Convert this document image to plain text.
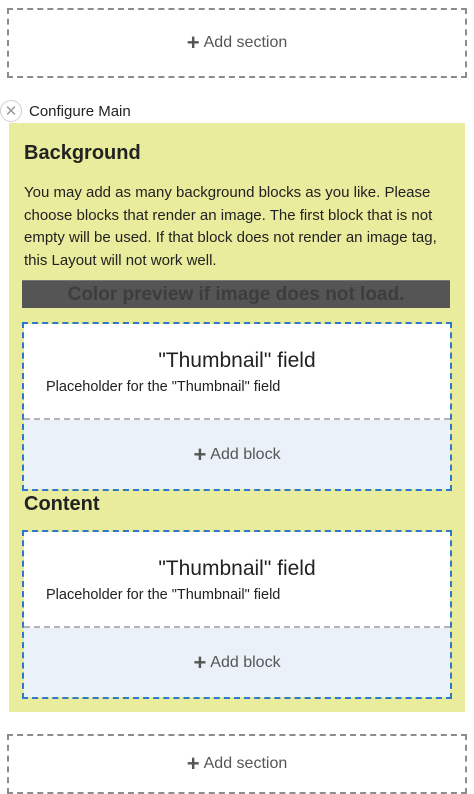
+ Add section
✕ Configure Main
Background
You may add as many background blocks as you like. Please choose blocks that render an image. The first block that is not empty will be used. If that block does not render an image tag, this Layout will not work well.
Color preview if image does not load.
"Thumbnail" field
Placeholder for the "Thumbnail" field
+ Add block
Content
"Thumbnail" field
Placeholder for the "Thumbnail" field
+ Add block
+ Add section
